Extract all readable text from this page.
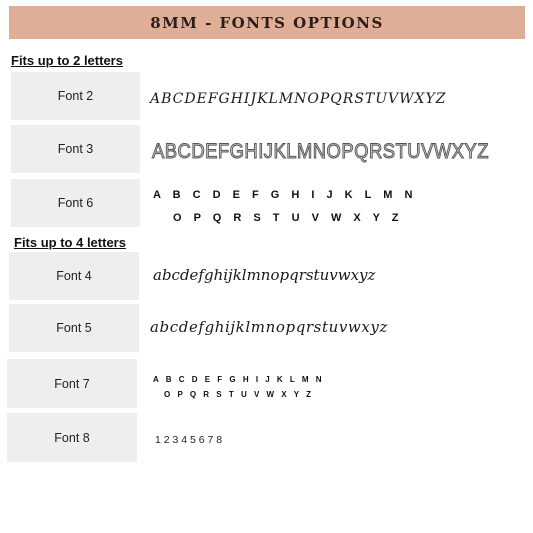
8MM - FONTS OPTIONS
Fits up to 2 letters
Font 2	ABCDEFGHIJKLMNOPQRSTUVWXYZ
Font 3	ABCDEFGHIJKLMNOPQRSTUVWXYZ
Font 6
A B C D E F G H I J K L M N
O P Q R S T U V W X Y Z
Fits up to 4 letters
Font 4	abcdefghijklmnopqrstuvwxyz
Font 5	abcdefghijklmnopqrstuvwxyz
Font 7	A B C D E F G H I J K L M N
O P Q R S T U V W X Y Z
Font 8	1 2 3 4 5 6 7 8
